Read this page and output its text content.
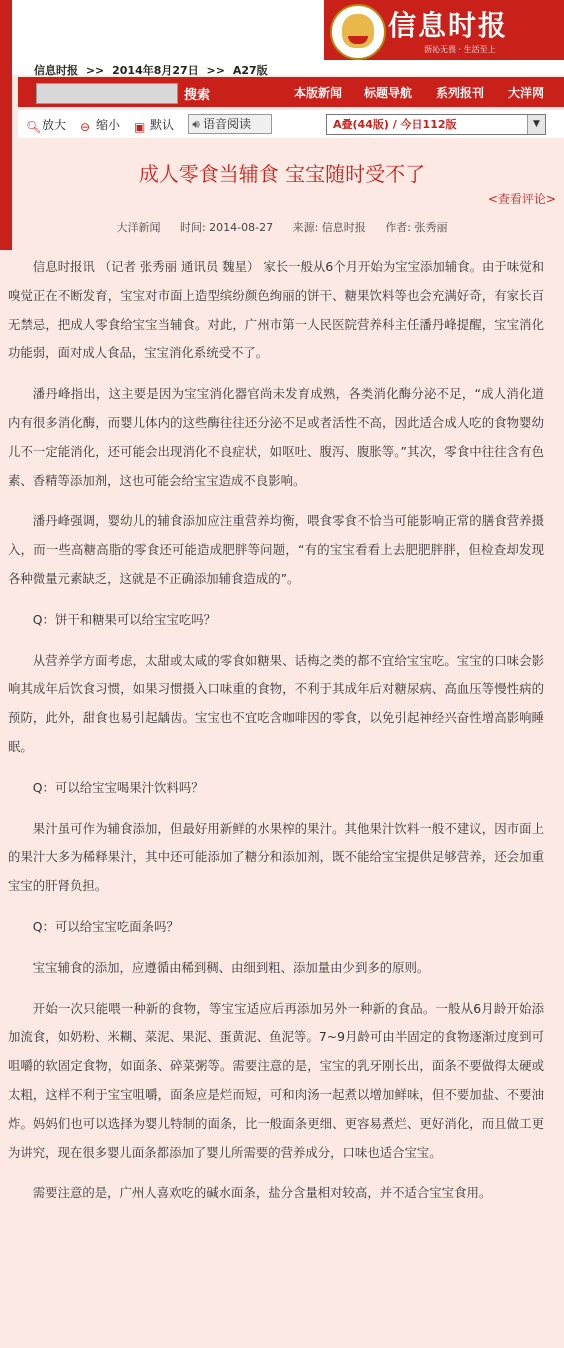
信息时报
沥沁无畏 · 生活至上
信息时报 >> 2014年8月27日 >> A27版
搜索	本版新闻 标题导航 系列报刊 大洋网
🔍︎放大 ⊖ 缩小 ▣ 默认	🔊︎ 语音阅读	A叠(44版) / 今日112版	▼
成人零食当辅食 宝宝随时受不了
<查看评论>
大洋新闻 时间: 2014-08-27 来源: 信息时报 作者: 张秀丽

信息时报讯 （记者 张秀丽 通讯员 魏星） 家长一般从6个月开始为宝宝添加辅食。由于味觉和嗅觉正在不断发育，宝宝对市面上造型缤纷颜色绚丽的饼干、糖果饮料等也会充满好奇，有家长百无禁忌，把成人零食给宝宝当辅食。对此，广州市第一人民医院营养科主任潘丹峰提醒，宝宝消化功能弱，面对成人食品，宝宝消化系统受不了。

潘丹峰指出，这主要是因为宝宝消化器官尚未发育成熟，各类消化酶分泌不足，“成人消化道内有很多消化酶，而婴儿体内的这些酶往往还分泌不足或者活性不高，因此适合成人吃的食物婴幼儿不一定能消化，还可能会出现消化不良症状，如呕吐、腹泻、腹胀等。”其次，零食中往往含有色素、香精等添加剂，这也可能会给宝宝造成不良影响。

潘丹峰强调，婴幼儿的辅食添加应注重营养均衡，喂食零食不恰当可能影响正常的膳食营养摄入，而一些高糖高脂的零食还可能造成肥胖等问题，“有的宝宝看看上去肥肥胖胖，但检查却发现各种微量元素缺乏，这就是不正确添加辅食造成的”。

Q：饼干和糖果可以给宝宝吃吗？

从营养学方面考虑，太甜或太咸的零食如糖果、话梅之类的都不宜给宝宝吃。宝宝的口味会影响其成年后饮食习惯，如果习惯摄入口味重的食物，不利于其成年后对糖尿病、高血压等慢性病的预防，此外，甜食也易引起龋齿。宝宝也不宜吃含咖啡因的零食，以免引起神经兴奋性增高影响睡眠。

Q：可以给宝宝喝果汁饮料吗？

果汁虽可作为辅食添加，但最好用新鲜的水果榨的果汁。其他果汁饮料一般不建议，因市面上的果汁大多为稀释果汁，其中还可能添加了糖分和添加剂，既不能给宝宝提供足够营养，还会加重宝宝的肝肾负担。

Q：可以给宝宝吃面条吗？

宝宝辅食的添加，应遵循由稀到稠、由细到粗、添加量由少到多的原则。

开始一次只能喂一种新的食物，等宝宝适应后再添加另外一种新的食品。一般从6月龄开始添加流食，如奶粉、米糊、菜泥、果泥、蛋黄泥、鱼泥等。7~9月龄可由半固定的食物逐渐过度到可咀嚼的软固定食物，如面条、碎菜粥等。需要注意的是，宝宝的乳牙刚长出，面条不要做得太硬或太粗，这样不利于宝宝咀嚼，面条应是烂而短，可和肉汤一起煮以增加鲜味，但不要加盐、不要油炸。妈妈们也可以选择为婴儿特制的面条，比一般面条更细、更容易煮烂、更好消化，而且做工更为讲究，现在很多婴儿面条都添加了婴儿所需要的营养成分，口味也适合宝宝。

需要注意的是，广州人喜欢吃的碱水面条，盐分含量相对较高，并不适合宝宝食用。
